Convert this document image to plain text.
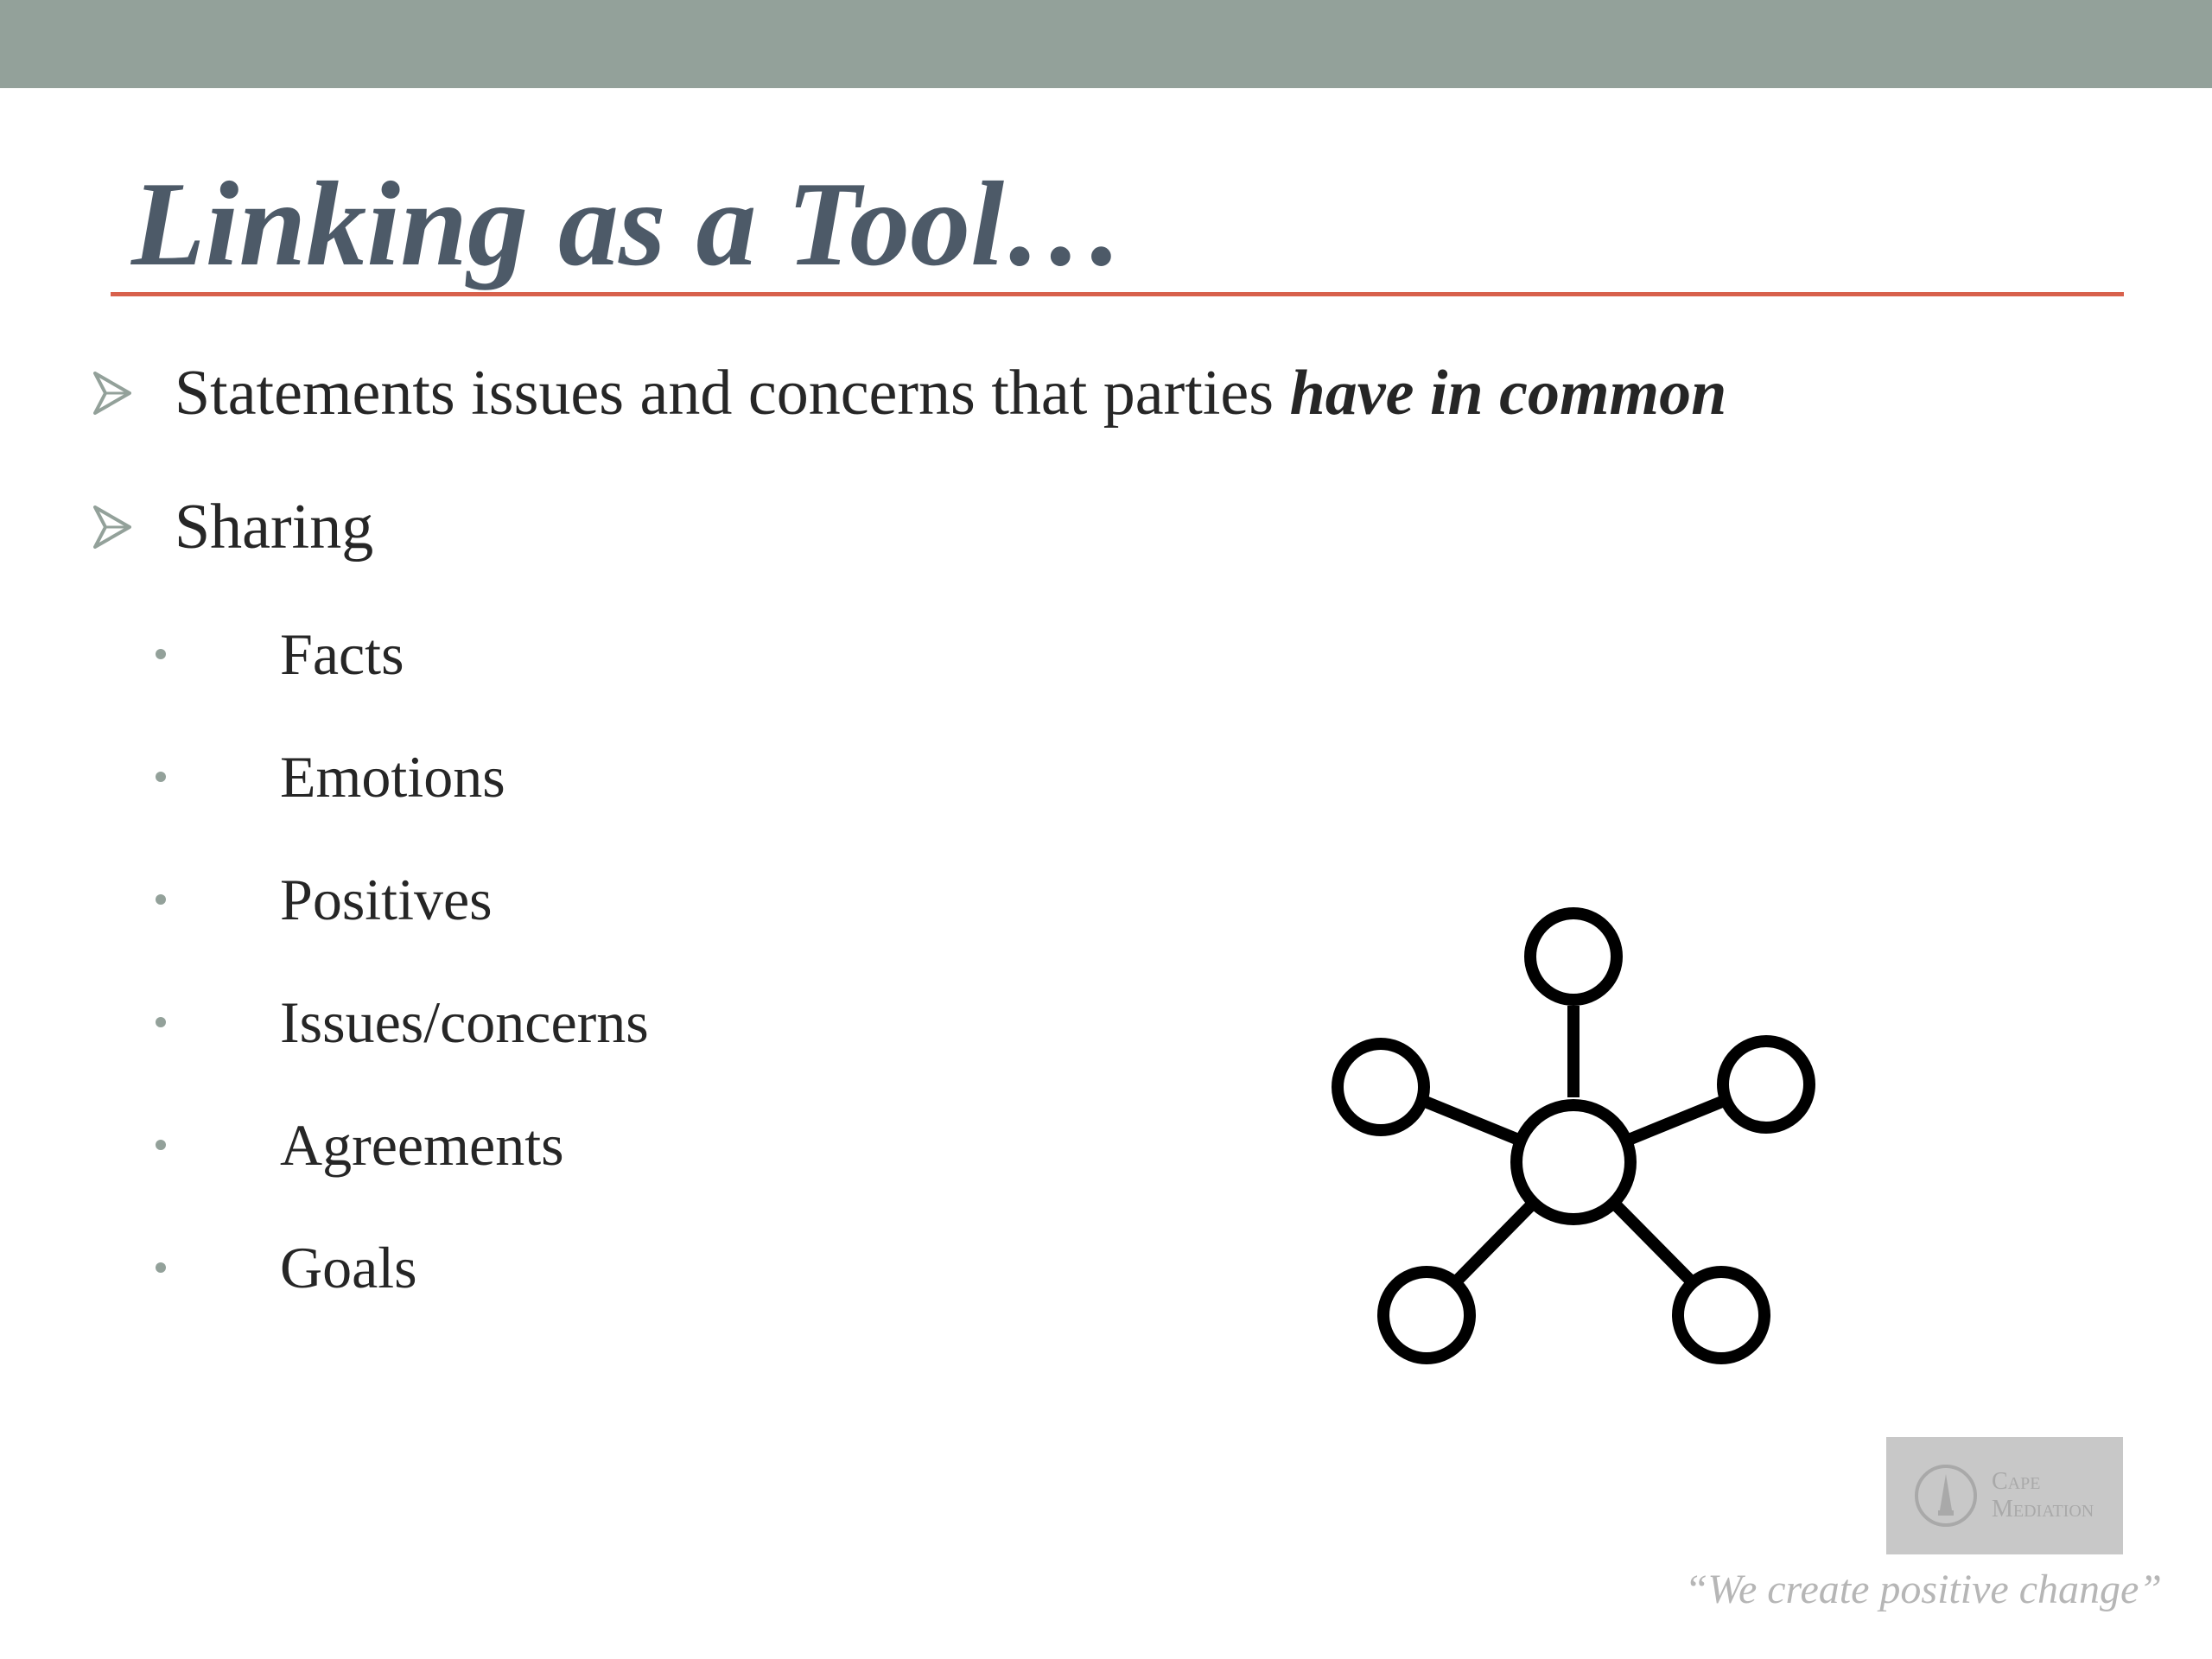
Linking as a Tool…
Statements issues and concerns that parties have in common
Sharing
Facts
Emotions
Positives
Issues/concerns
Agreements
Goals
Cape
Mediation
“We create positive change”
